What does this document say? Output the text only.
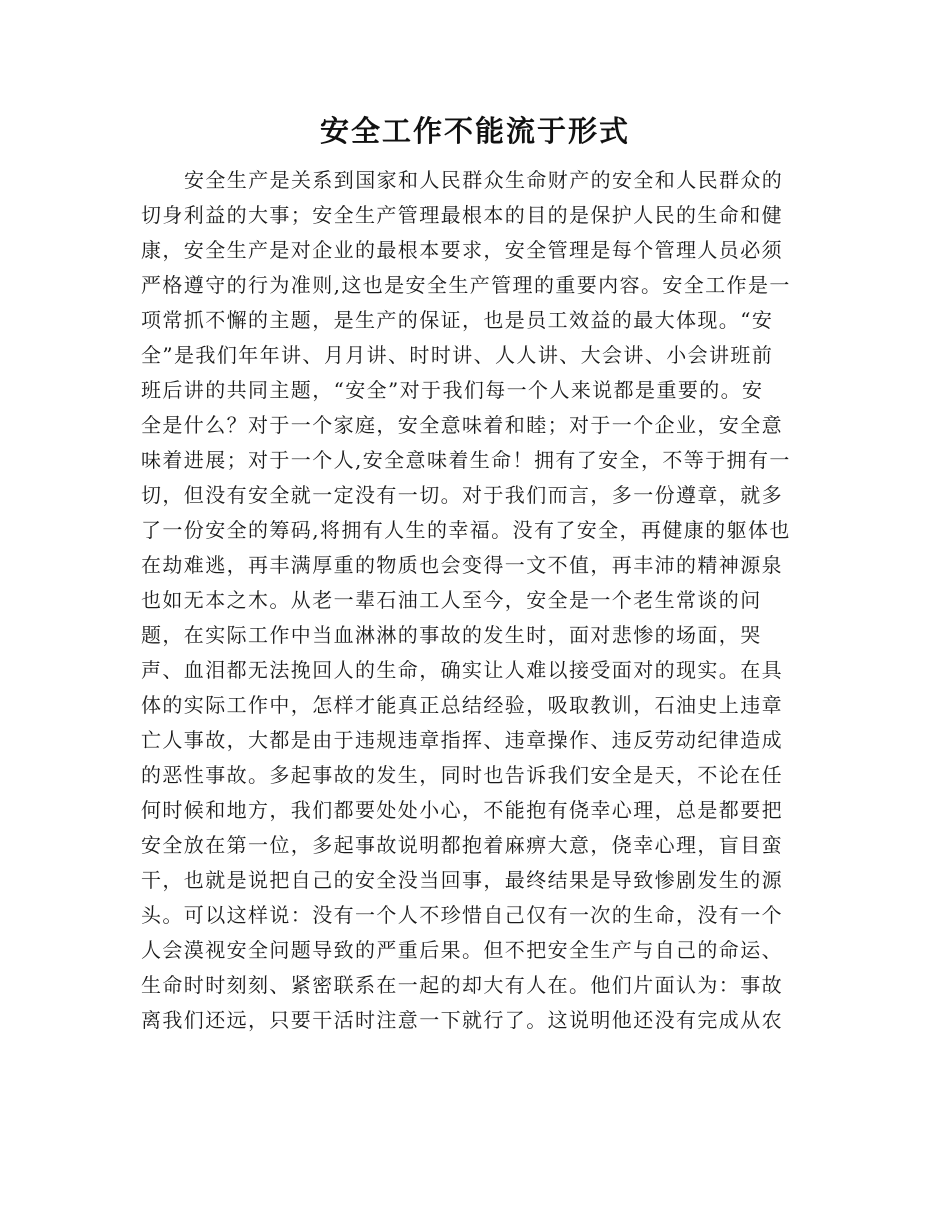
安全工作不能流于形式
安全生产是关系到国家和人民群众生命财产的安全和人民群众的
切身利益的大事；安全生产管理最根本的目的是保护人民的生命和健
康，安全生产是对企业的最根本要求，安全管理是每个管理人员必须
严格遵守的行为准则,这也是安全生产管理的重要内容。安全工作是一
项常抓不懈的主题，是生产的保证，也是员工效益的最大体现。“安
全”是我们年年讲、月月讲、时时讲、人人讲、大会讲、小会讲班前
班后讲的共同主题，“安全”对于我们每一个人来说都是重要的。安
全是什么？对于一个家庭，安全意味着和睦；对于一个企业，安全意
味着进展；对于一个人,安全意味着生命！拥有了安全，不等于拥有一
切，但没有安全就一定没有一切。对于我们而言，多一份遵章，就多
了一份安全的筹码,将拥有人生的幸福。没有了安全，再健康的躯体也
在劫难逃，再丰满厚重的物质也会变得一文不值，再丰沛的精神源泉
也如无本之木。从老一辈石油工人至今，安全是一个老生常谈的问
题，在实际工作中当血淋淋的事故的发生时，面对悲惨的场面，哭
声、血泪都无法挽回人的生命，确实让人难以接受面对的现实。在具
体的实际工作中，怎样才能真正总结经验，吸取教训，石油史上违章
亡人事故，大都是由于违规违章指挥、违章操作、违反劳动纪律造成
的恶性事故。多起事故的发生，同时也告诉我们安全是天，不论在任
何时候和地方，我们都要处处小心，不能抱有侥幸心理，总是都要把
安全放在第一位，多起事故说明都抱着麻痹大意，侥幸心理，盲目蛮
干，也就是说把自己的安全没当回事，最终结果是导致惨剧发生的源
头。可以这样说：没有一个人不珍惜自己仅有一次的生命，没有一个
人会漠视安全问题导致的严重后果。但不把安全生产与自己的命运、
生命时时刻刻、紧密联系在一起的却大有人在。他们片面认为：事故
离我们还远，只要干活时注意一下就行了。这说明他还没有完成从农
